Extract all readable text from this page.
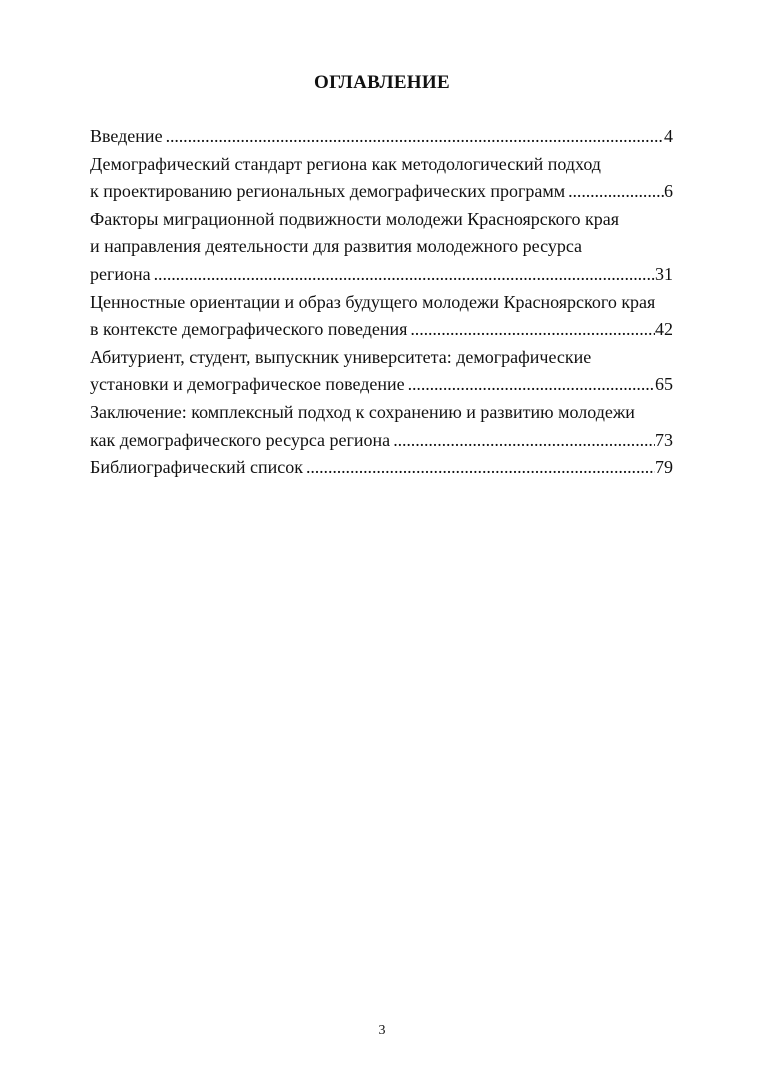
ОГЛАВЛЕНИЕ
Введение . . .	4
Демографический стандарт региона как методологический подход
к проектированию региональных демографических программ . . .	6
Факторы миграционной подвижности молодежи Красноярского края
и направления деятельности для развития молодежного ресурса
региона . . .	31
Ценностные ориентации и образ будущего молодежи Красноярского края
в контексте демографического поведения . . .	42
Абитуриент, студент, выпускник университета: демографические
установки и демографическое поведение . . .	65
Заключение: комплексный подход к сохранению и развитию молодежи
как демографического ресурса региона . . .	73
Библиографический список . . .	79
3
